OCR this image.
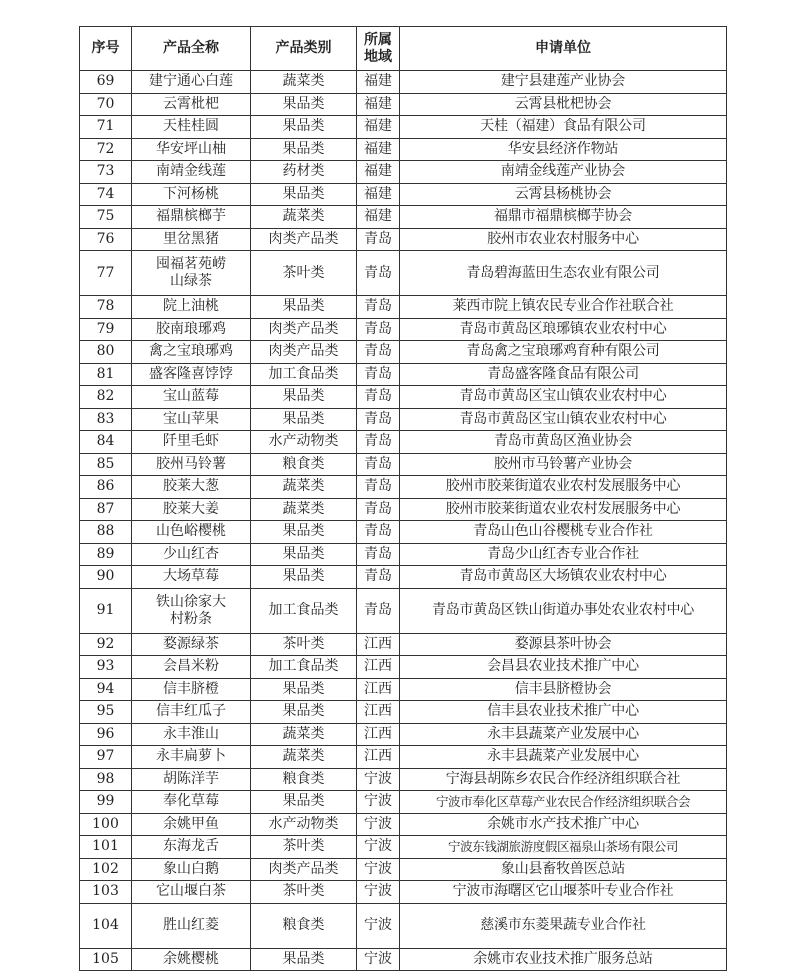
序号	产品全称	产品类别	所属地域	申请单位
69	建宁通心白莲	蔬菜类	福建	建宁县建莲产业协会
70	云霄枇杷	果品类	福建	云霄县枇杷协会
71	天桂桂圆	果品类	福建	天桂（福建）食品有限公司
72	华安坪山柚	果品类	福建	华安县经济作物站
73	南靖金线莲	药材类	福建	南靖金线莲产业协会
74	下河杨桃	果品类	福建	云霄县杨桃协会
75	福鼎槟榔芋	蔬菜类	福建	福鼎市福鼎槟榔芋协会
76	里岔黑猪	肉类产品类	青岛	胶州市农业农村服务中心
77	囤福茗苑崂山绿茶	茶叶类	青岛	青岛碧海蓝田生态农业有限公司
78	院上油桃	果品类	青岛	莱西市院上镇农民专业合作社联合社
79	胶南琅琊鸡	肉类产品类	青岛	青岛市黄岛区琅琊镇农业农村中心
80	禽之宝琅琊鸡	肉类产品类	青岛	青岛禽之宝琅琊鸡育种有限公司
81	盛客隆喜饽饽	加工食品类	青岛	青岛盛客隆食品有限公司
82	宝山蓝莓	果品类	青岛	青岛市黄岛区宝山镇农业农村中心
83	宝山苹果	果品类	青岛	青岛市黄岛区宝山镇农业农村中心
84	阡里毛虾	水产动物类	青岛	青岛市黄岛区渔业协会
85	胶州马铃薯	粮食类	青岛	胶州市马铃薯产业协会
86	胶莱大葱	蔬菜类	青岛	胶州市胶莱街道农业农村发展服务中心
87	胶莱大姜	蔬菜类	青岛	胶州市胶莱街道农业农村发展服务中心
88	山色峪樱桃	果品类	青岛	青岛山色山谷樱桃专业合作社
89	少山红杏	果品类	青岛	青岛少山红杏专业合作社
90	大场草莓	果品类	青岛	青岛市黄岛区大场镇农业农村中心
91	铁山徐家大村粉条	加工食品类	青岛	青岛市黄岛区铁山街道办事处农业农村中心
92	婺源绿茶	茶叶类	江西	婺源县茶叶协会
93	会昌米粉	加工食品类	江西	会昌县农业技术推广中心
94	信丰脐橙	果品类	江西	信丰县脐橙协会
95	信丰红瓜子	果品类	江西	信丰县农业技术推广中心
96	永丰淮山	蔬菜类	江西	永丰县蔬菜产业发展中心
97	永丰扁萝卜	蔬菜类	江西	永丰县蔬菜产业发展中心
98	胡陈洋芋	粮食类	宁波	宁海县胡陈乡农民合作经济组织联合社
99	奉化草莓	果品类	宁波	宁波市奉化区草莓产业农民合作经济组织联合会
100	余姚甲鱼	水产动物类	宁波	余姚市水产技术推广中心
101	东海龙舌	茶叶类	宁波	宁波东钱湖旅游度假区福泉山茶场有限公司
102	象山白鹅	肉类产品类	宁波	象山县畜牧兽医总站
103	它山堰白茶	茶叶类	宁波	宁波市海曙区它山堰茶叶专业合作社
104	胜山红菱	粮食类	宁波	慈溪市东菱果蔬专业合作社
105	余姚樱桃	果品类	宁波	余姚市农业技术推广服务总站
